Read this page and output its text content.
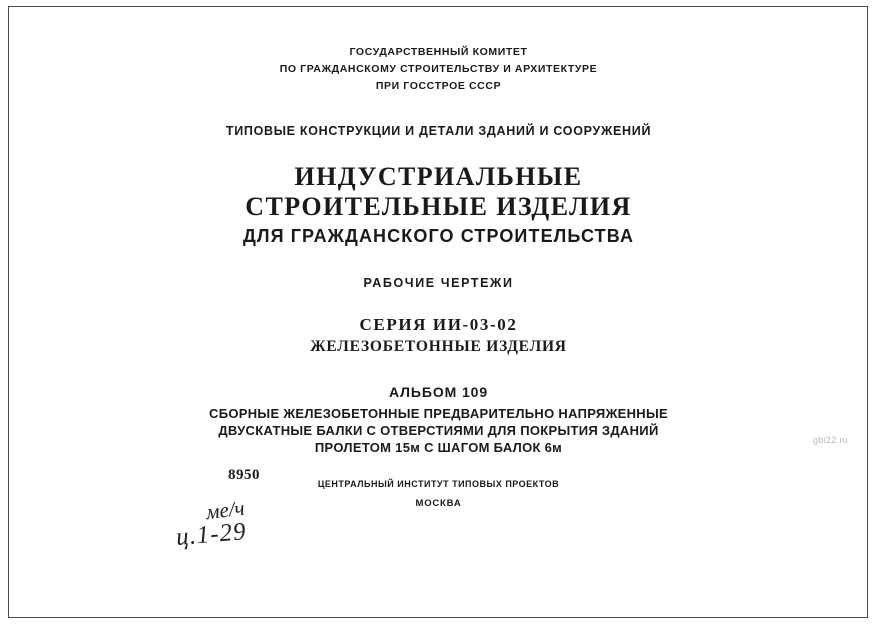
ГОСУДАРСТВЕННЫЙ КОМИТЕТ
ПО ГРАЖДАНСКОМУ СТРОИТЕЛЬСТВУ И АРХИТЕКТУРЕ
ПРИ ГОССТРОЕ СССР
ТИПОВЫЕ КОНСТРУКЦИИ И ДЕТАЛИ ЗДАНИЙ И СООРУЖЕНИЙ
ИНДУСТРИАЛЬНЫЕ
СТРОИТЕЛЬНЫЕ ИЗДЕЛИЯ
ДЛЯ ГРАЖДАНСКОГО СТРОИТЕЛЬСТВА
РАБОЧИЕ ЧЕРТЕЖИ
СЕРИЯ ИИ-03-02
ЖЕЛЕЗОБЕТОННЫЕ ИЗДЕЛИЯ
АЛЬБОМ 109
СБОРНЫЕ ЖЕЛЕЗОБЕТОННЫЕ ПРЕДВАРИТЕЛЬНО НАПРЯЖЕННЫЕ
ДВУСКАТНЫЕ БАЛКИ С ОТВЕРСТИЯМИ ДЛЯ ПОКРЫТИЯ ЗДАНИЙ
ПРОЛЕТОМ 15м С ШАГОМ БАЛОК 6м
8950
ЦЕНТРАЛЬНЫЙ ИНСТИТУТ ТИПОВЫХ ПРОЕКТОВ
МОСКВА
ме/ч
ц.1-29
gbi22.ru
